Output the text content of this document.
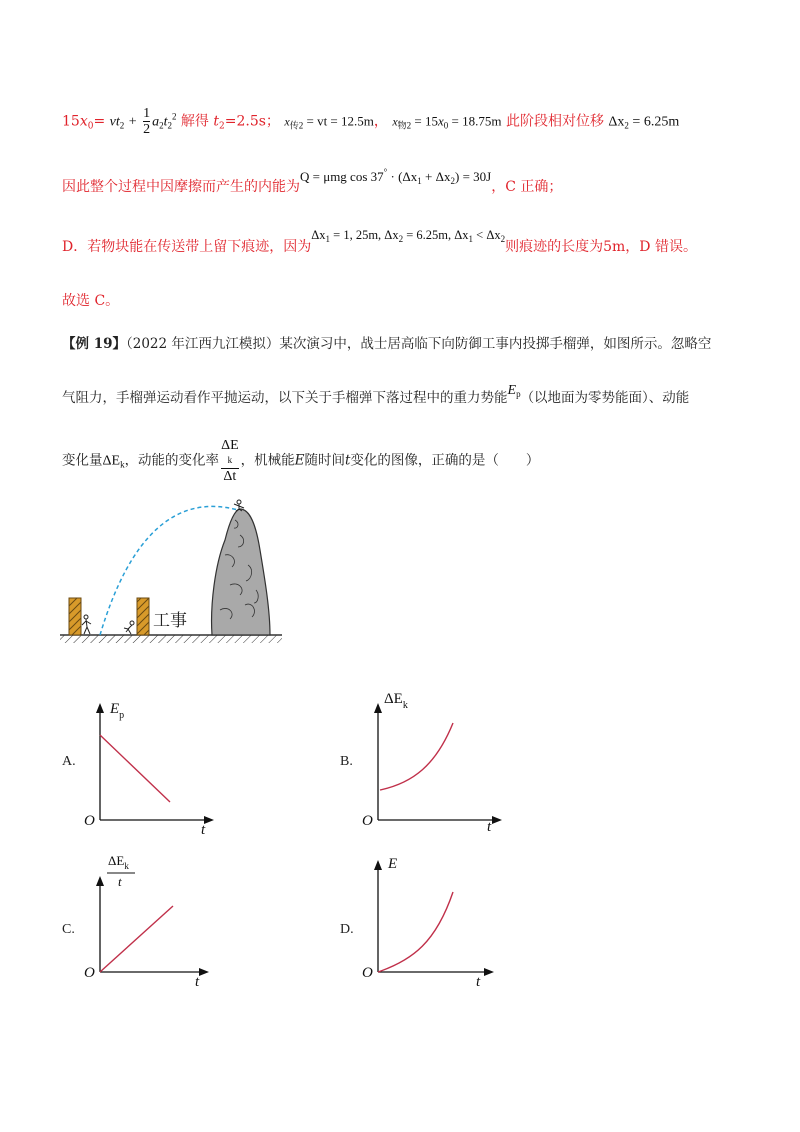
$15x_0= vt_2 + \frac{1}{2} a_2t_2^2$ 解得 $t_2=2.5s$； $x_{传2}$ = vt = 12.5m， $x_{物2} = 15x_0 = 18.75m$ 此阶段相对位移 $\Delta x_2 = 6.25m$
因此整个过程中因摩擦而产生的内能为Q = μmg $\cos 37^\circ \cdot (\Delta x_1 + \Delta x_2) = 30J$，C 正确；
D．若物块能在传送带上留下痕迹，因为$\Delta x_1 = 1$, 25m, $\Delta x_2 = 6.25m$, $\Delta x_1 < \Delta x_2$则痕迹的长度为5m，D 错误。
故选 C。
【例 19】（2022 年江西九江模拟）某次演习中，战士居高临下向防御工事内投掷手榴弹，如图所示。忽略空
气阻力，手榴弹运动看作平抛运动，以下关于手榴弹下落过程中的重力势能$E_p$（以地面为零势能面）、动能
变化量$\Delta E_k$，动能的变化率 ΔE
k
Δt ，机械能E随时间t变化的图像，正确的是（　　）
工事
A.
$E_p$
O
t
B.
$\Delta E_k$
O	t
C.
$\Delta E_k$
t
O
t
D.
E
O
t
